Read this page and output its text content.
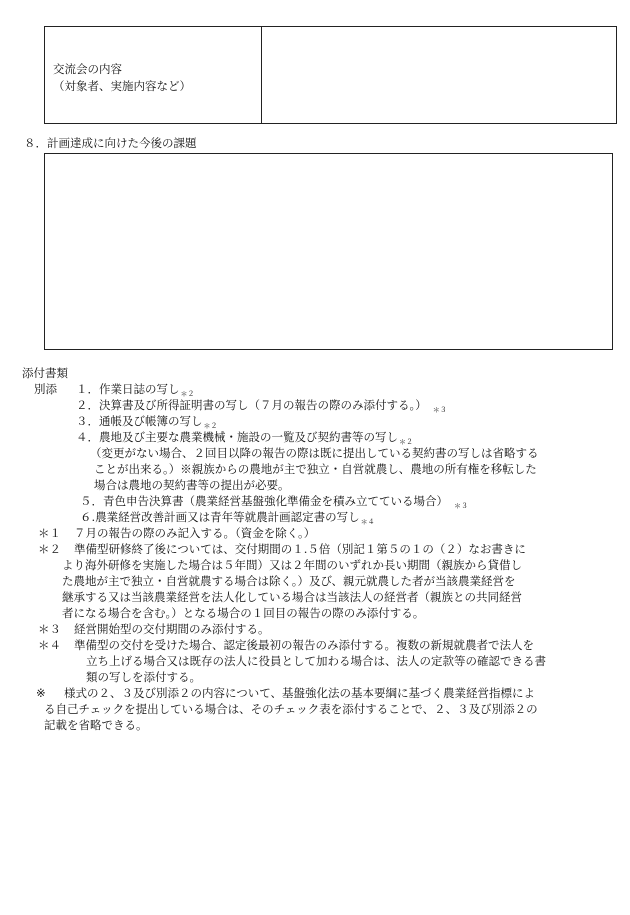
交流会の内容
（対象者、実施内容など）
８．計画達成に向けた今後の課題
添付書類
別添 １．作業日誌の写し$_{*2}$
２．決算書及び所得証明書の写し（７月の報告の際のみ添付する。） $_{*3}$
３．通帳及び帳簿の写し$_{*2}$
４．農地及び主要な農業機械・施設の一覧及び契約書等の写し$_{*2}$
（変更がない場合、２回目以降の報告の際は既に提出している契約書の写しは省略する
ことが出来る。）※親族からの農地が主で独立・自営就農し、農地の所有権を移転した
場合は農地の契約書等の提出が必要。
５．青色申告決算書（農業経営基盤強化準備金を積み立てている場合） $_{*3}$
６.農業経営改善計画又は青年等就農計画認定書の写し$_{*4}$
＊１ ７月の報告の際のみ記入する。（資金を除く。）
＊２ 準備型研修終了後については、交付期間の１.５倍（別記１第５の１の（２）なお書きに
より海外研修を実施した場合は５年間）又は２年間のいずれか長い期間（親族から貸借し
た農地が主で独立・自営就農する場合は除く。）及び、親元就農した者が当該農業経営を
継承する又は当該農業経営を法人化している場合は当該法人の経営者（親族との共同経営
者になる場合を含む。）となる場合の１回目の報告の際のみ添付する。
＊３ 経営開始型の交付期間のみ添付する。
＊４ 準備型の交付を受けた場合、認定後最初の報告のみ添付する。複数の新規就農者で法人を
立ち上げる場合又は既存の法人に役員として加わる場合は、法人の定款等の確認できる書
類の写しを添付する。
※ 様式の２、３及び別添２の内容について、基盤強化法の基本要綱に基づく農業経営指標によ
る自己チェックを提出している場合は、そのチェック表を添付することで、２、３及び別添２の
記載を省略できる。
